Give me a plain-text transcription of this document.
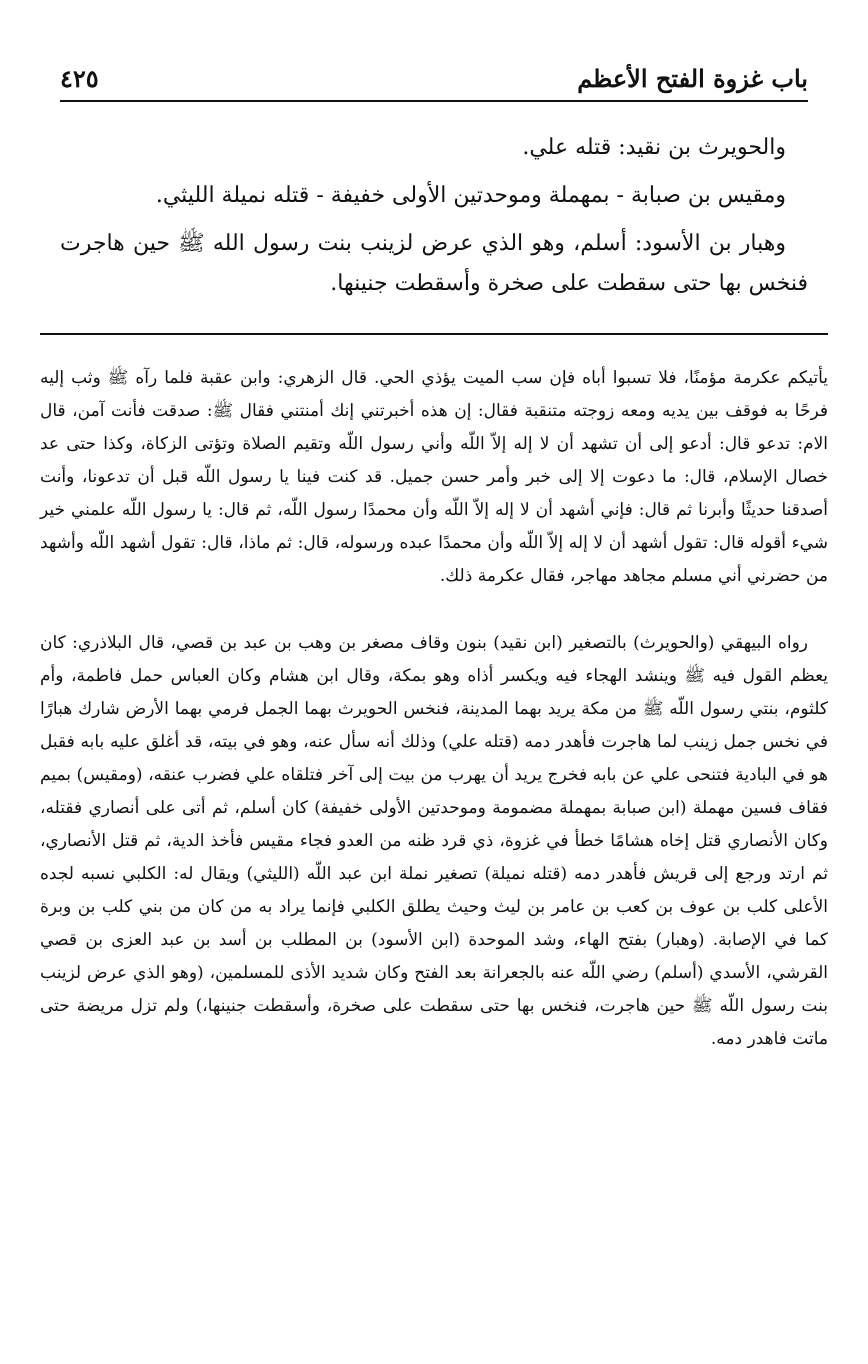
باب غزوة الفتح الأعظم
٤٢٥

والحويرث بن نقيد: قتله علي.

ومقيس بن صبابة - بمهملة وموحدتين الأولى خفيفة - قتله نميلة الليثي.

وهبار بن الأسود: أسلم، وهو الذي عرض لزينب بنت رسول الله ﷺ حين هاجرت فنخس بها حتى سقطت على صخرة وأسقطت جنينها.

يأتيكم عكرمة مؤمنًا، فلا تسبوا أباه فإن سب الميت يؤذي الحي. قال الزهري: وابن عقبة فلما رآه ﷺ وثب إليه فرحًا به فوقف بين يديه ومعه زوجته متنقبة فقال: إن هذه أخبرتني إنك أمنتني فقال ﷺ: صدقت فأنت آمن، قال الام: تدعو قال: أدعو إلى أن تشهد أن لا إله إلاّ اللّه وأني رسول اللّه وتقيم الصلاة وتؤتى الزكاة، وكذا حتى عد خصال الإسلام، قال: ما دعوت إلا إلى خبر وأمر حسن جميل. قد كنت فينا يا رسول اللّه قبل أن تدعونا، وأنت أصدقنا حديثًا وأبرنا ثم قال: فإني أشهد أن لا إله إلاّ اللّه وأن محمدًا رسول اللّه، ثم قال: يا رسول اللّه علمني خير شيء أقوله قال: تقول أشهد أن لا إله إلاّ اللّه وأن محمدًا عبده ورسوله، قال: ثم ماذا، قال: تقول أشهد اللّه وأشهد من حضرني أني مسلم مجاهد مهاجر، فقال عكرمة ذلك.

رواه البيهقي (والحويرث) بالتصغير (ابن نقيد) بنون وقاف مصغر بن وهب بن عبد بن قصي، قال البلاذري: كان يعظم القول فيه ﷺ وينشد الهجاء فيه ويكسر أذاه وهو بمكة، وقال ابن هشام وكان العباس حمل فاطمة، وأم كلثوم، بنتي رسول اللّه ﷺ من مكة يريد بهما المدينة، فنخس الحويرث بهما الجمل فرمي بهما الأرض شارك هبارًا في نخس جمل زينب لما هاجرت فأهدر دمه (قتله علي) وذلك أنه سأل عنه، وهو في بيته، قد أغلق عليه بابه فقبل هو في البادية فتنحى علي عن بابه فخرج يريد أن يهرب من بيت إلى آخر فتلقاه علي فضرب عنقه، (ومقيس) بميم فقاف فسين مهملة (ابن صبابة بمهملة مضمومة وموحدتين الأولى خفيفة) كان أسلم، ثم أتى على أنصاري فقتله، وكان الأنصاري قتل إخاه هشامًا خطأ في غزوة، ذي قرد ظنه من العدو فجاء مقيس فأخذ الدية، ثم قتل الأنصاري، ثم ارتد ورجع إلى قريش فأهدر دمه (قتله نميلة) تصغير نملة ابن عبد اللّه (الليثي) ويقال له: الكلبي نسبه لجده الأعلى كلب بن عوف بن كعب بن عامر بن ليث وحيث يطلق الكلبي فإنما يراد به من كان من بني كلب بن وبرة كما في الإصابة. (وهبار) بفتح الهاء، وشد الموحدة (ابن الأسود) بن المطلب بن أسد بن عبد العزى بن قصي القرشي، الأسدي (أسلم) رضي اللّه عنه بالجعرانة بعد الفتح وكان شديد الأذى للمسلمين، (وهو الذي عرض لزينب بنت رسول اللّه ﷺ حين هاجرت، فنخس بها حتى سقطت على صخرة، وأسقطت جنينها،) ولم تزل مريضة حتى ماتت فاهدر دمه.
